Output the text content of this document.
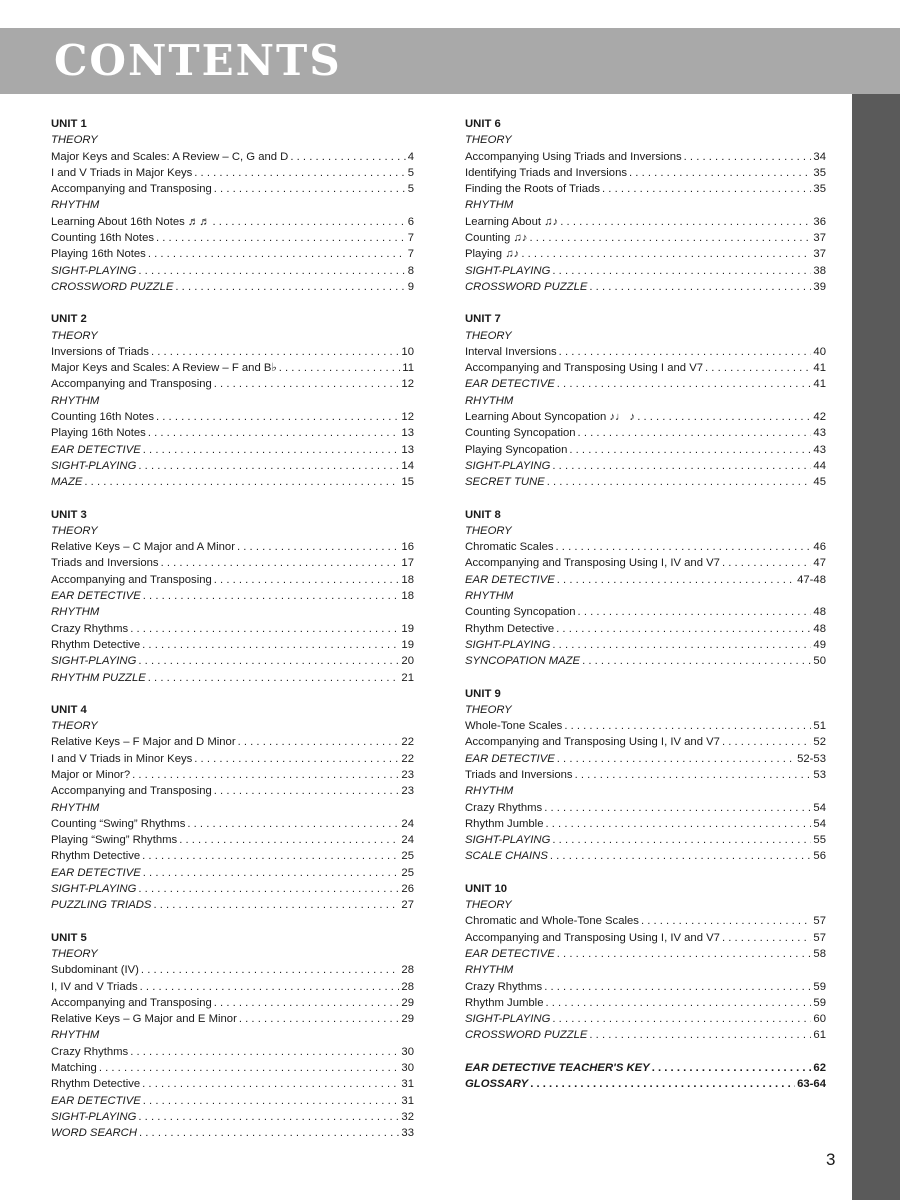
CONTENTS
UNIT 1
THEORY
Major Keys and Scales: A Review – C, G and D . . .	4
I and V Triads in Major Keys . . .	5
Accompanying and Transposing . . .	5
RHYTHM
Learning About 16th Notes ♬♬ . . .	6
Counting 16th Notes . . .	7
Playing 16th Notes . . .	7
SIGHT-PLAYING . . .	8
CROSSWORD PUZZLE . . .	9
UNIT 2
THEORY
Inversions of Triads . . .	10
Major Keys and Scales: A Review – F and B♭ . . .	11
Accompanying and Transposing . . .	12
RHYTHM
Counting 16th Notes . . .	12
Playing 16th Notes . . .	13
EAR DETECTIVE . . .	13
SIGHT-PLAYING . . .	14
MAZE . . .	15
UNIT 3
THEORY
Relative Keys – C Major and A Minor . . .	16
Triads and Inversions . . .	17
Accompanying and Transposing . . .	18
EAR DETECTIVE . . .	18
RHYTHM
Crazy Rhythms . . .	19
Rhythm Detective . . .	19
SIGHT-PLAYING . . .	20
RHYTHM PUZZLE . . .	21
UNIT 4
THEORY
Relative Keys – F Major and D Minor . . .	22
I and V Triads in Minor Keys . . .	22
Major or Minor? . . .	23
Accompanying and Transposing . . .	23
RHYTHM
Counting “Swing” Rhythms . . .	24
Playing “Swing” Rhythms . . .	24
Rhythm Detective . . .	25
EAR DETECTIVE . . .	25
SIGHT-PLAYING . . .	26
PUZZLING TRIADS . . .	27
UNIT 5
THEORY
Subdominant (IV) . . .	28
I, IV and V Triads . . .	28
Accompanying and Transposing . . .	29
Relative Keys – G Major and E Minor . . .	29
RHYTHM
Crazy Rhythms . . .	30
Matching . . .	30
Rhythm Detective . . .	31
EAR DETECTIVE . . .	31
SIGHT-PLAYING . . .	32
WORD SEARCH . . .	33
UNIT 6
THEORY
Accompanying Using Triads and Inversions . . .	34
Identifying Triads and Inversions . . .	35
Finding the Roots of Triads . . .	35
RHYTHM
Learning About ♫♪ . . .	36
Counting ♫♪ . . .	37
Playing ♫♪ . . .	37
SIGHT-PLAYING . . .	38
CROSSWORD PUZZLE . . .	39
UNIT 7
THEORY
Interval Inversions . . .	40
Accompanying and Transposing Using I and V7 . . .	41
EAR DETECTIVE . . .	41
RHYTHM
Learning About Syncopation ♪♩ ♪ . . .	42
Counting Syncopation . . .	43
Playing Syncopation . . .	43
SIGHT-PLAYING . . .	44
SECRET TUNE . . .	45
UNIT 8
THEORY
Chromatic Scales . . .	46
Accompanying and Transposing Using I, IV and V7 . . .	47
EAR DETECTIVE . . .	47-48
RHYTHM
Counting Syncopation . . .	48
Rhythm Detective . . .	48
SIGHT-PLAYING . . .	49
SYNCOPATION MAZE . . .	50
UNIT 9
THEORY
Whole-Tone Scales . . .	51
Accompanying and Transposing Using I, IV and V7 . . .	52
EAR DETECTIVE . . .	52-53
Triads and Inversions . . .	53
RHYTHM
Crazy Rhythms . . .	54
Rhythm Jumble . . .	54
SIGHT-PLAYING . . .	55
SCALE CHAINS . . .	56
UNIT 10
THEORY
Chromatic and Whole-Tone Scales . . .	57
Accompanying and Transposing Using I, IV and V7 . . .	57
EAR DETECTIVE . . .	58
RHYTHM
Crazy Rhythms . . .	59
Rhythm Jumble . . .	59
SIGHT-PLAYING . . .	60
CROSSWORD PUZZLE . . .	61
EAR DETECTIVE TEACHER'S KEY . . .	62
GLOSSARY . . .	63-64
3
